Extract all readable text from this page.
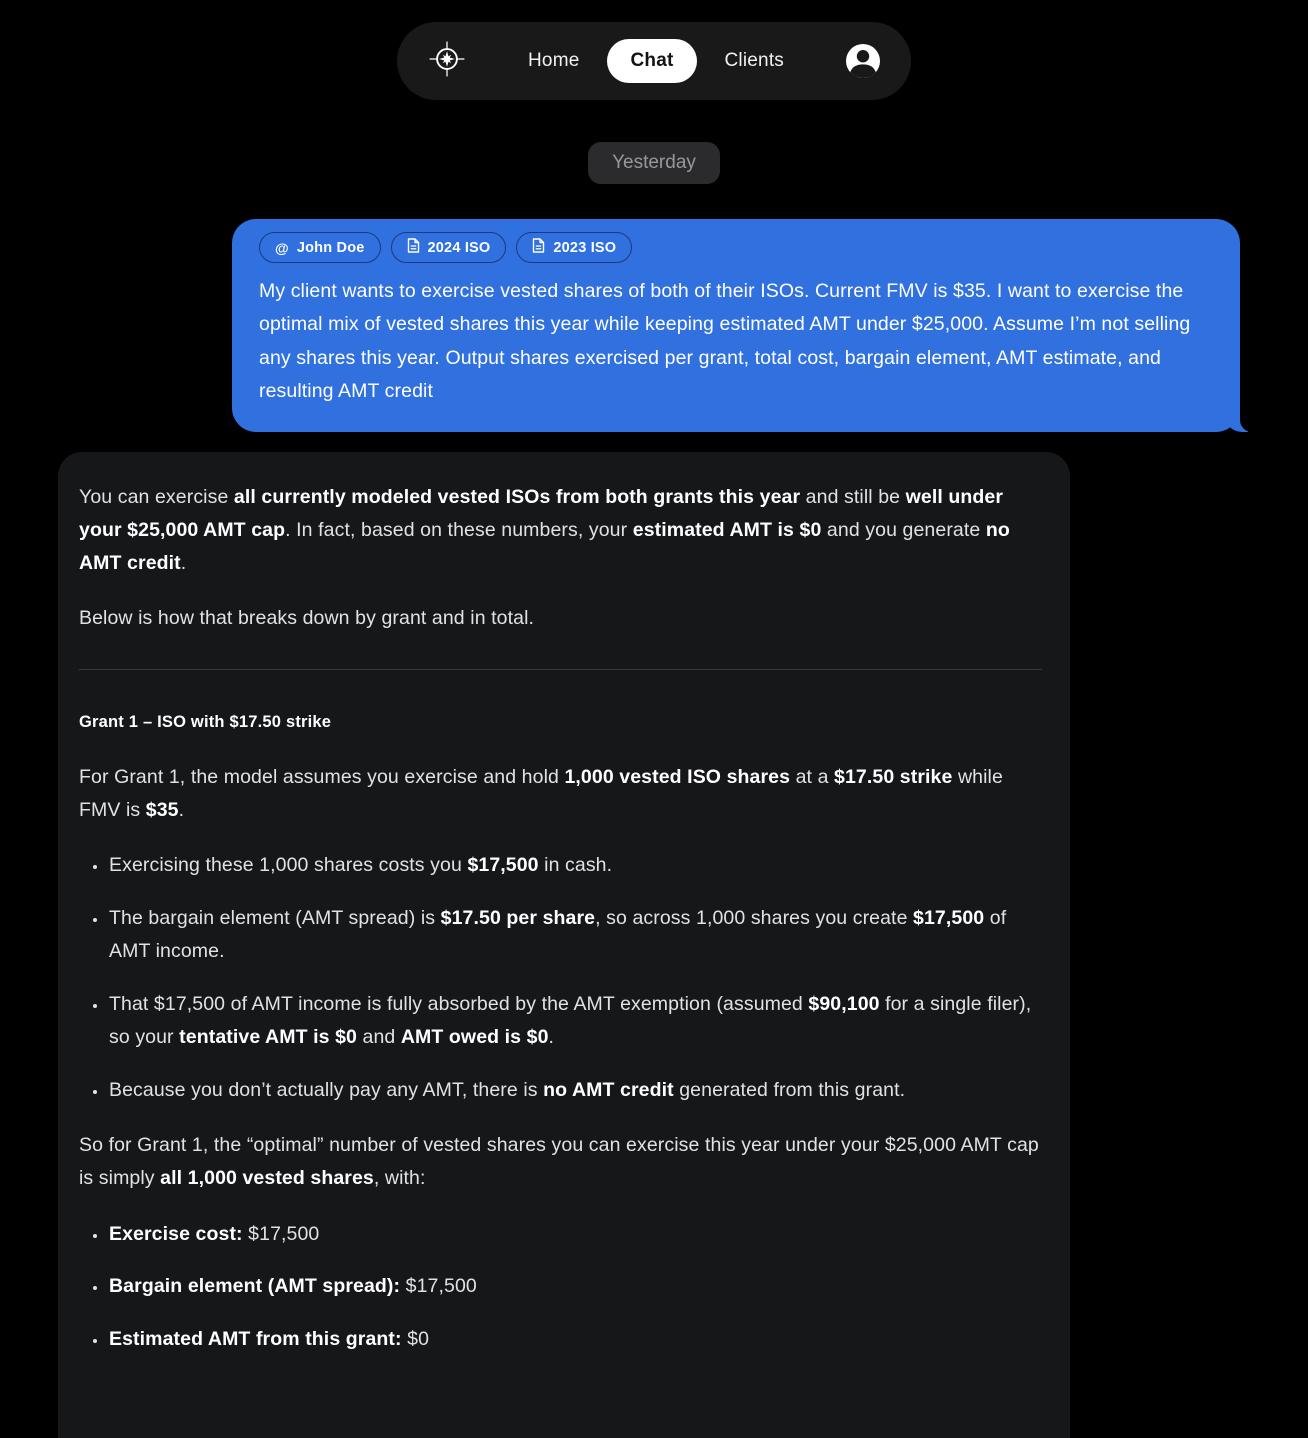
Home	Chat	Clients
Yesterday
@ John Doe	2024 ISO	2023 ISO
My client wants to exercise vested shares of both of their ISOs. Current FMV is $35. I want to exercise the optimal mix of vested shares this year while keeping estimated AMT under $25,000. Assume I’m not selling any shares this year. Output shares exercised per grant, total cost, bargain element, AMT estimate, and resulting AMT credit

You can exercise all currently modeled vested ISOs from both grants this year and still be well under your $25,000 AMT cap. In fact, based on these numbers, your estimated AMT is $0 and you generate no AMT credit.

Below is how that breaks down by grant and in total.

Grant 1 – ISO with $17.50 strike

For Grant 1, the model assumes you exercise and hold 1,000 vested ISO shares at a $17.50 strike while FMV is $35.

• Exercising these 1,000 shares costs you $17,500 in cash.
• The bargain element (AMT spread) is $17.50 per share, so across 1,000 shares you create $17,500 of AMT income.
• That $17,500 of AMT income is fully absorbed by the AMT exemption (assumed $90,100 for a single filer), so your tentative AMT is $0 and AMT owed is $0.
• Because you don’t actually pay any AMT, there is no AMT credit generated from this grant.

So for Grant 1, the “optimal” number of vested shares you can exercise this year under your $25,000 AMT cap is simply all 1,000 vested shares, with:

• Exercise cost: $17,500
• Bargain element (AMT spread): $17,500
• Estimated AMT from this grant: $0
